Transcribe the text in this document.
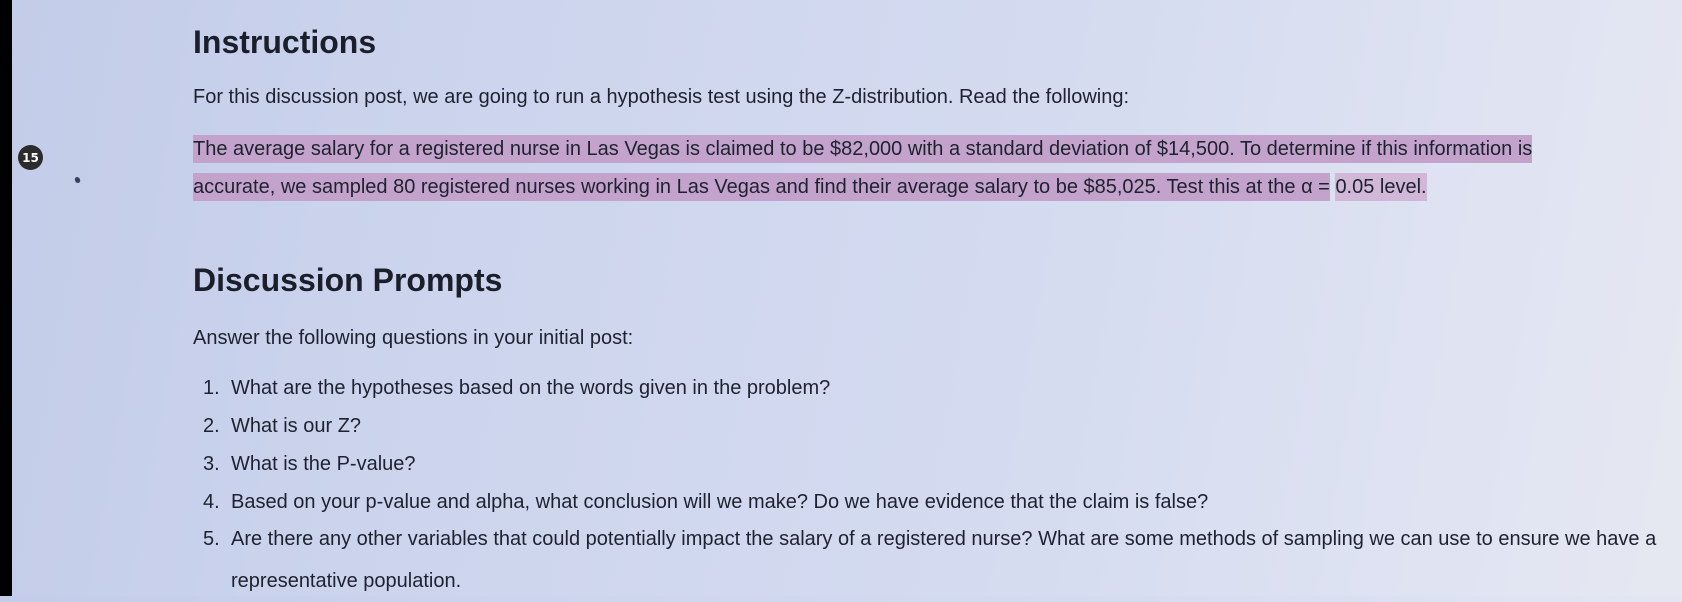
15
Instructions
For this discussion post, we are going to run a hypothesis test using the Z-distribution. Read the following:
The average salary for a registered nurse in Las Vegas is claimed to be $82,000 with a standard deviation of $14,500. To determine if this information is accurate, we sampled 80 registered nurses working in Las Vegas and find their average salary to be $85,025. Test this at the α = 0.05 level.
Discussion Prompts
Answer the following questions in your initial post:
1. What are the hypotheses based on the words given in the problem?
2. What is our Z?
3. What is the P-value?
4. Based on your p-value and alpha, what conclusion will we make? Do we have evidence that the claim is false?
5. Are there any other variables that could potentially impact the salary of a registered nurse? What are some methods of sampling we can use to ensure we have a representative population.
